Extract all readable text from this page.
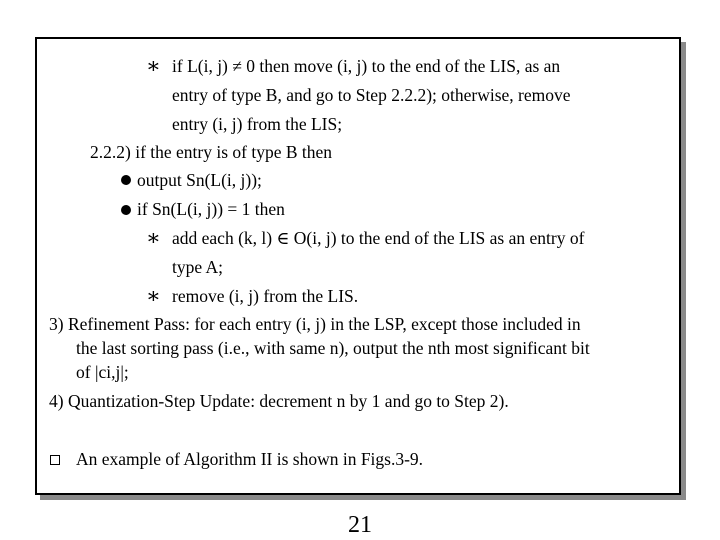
∗ if L(i, j) ≠ 0 then move (i, j) to the end of the LIS, as an
entry of type B, and go to Step 2.2.2); otherwise, remove
entry (i, j) from the LIS;
2.2.2) if the entry is of type B then
output Sn(L(i, j));
if Sn(L(i, j)) = 1 then
∗ add each (k, l) ∈ O(i, j) to the end of the LIS as an entry of
type A;
∗ remove (i, j) from the LIS.
3) Refinement Pass: for each entry (i, j) in the LSP, except those included in
the last sorting pass (i.e., with same n), output the nth most significant bit
of |ci,j|;
4) Quantization-Step Update: decrement n by 1 and go to Step 2).
An example of Algorithm II is shown in Figs.3-9.
21
